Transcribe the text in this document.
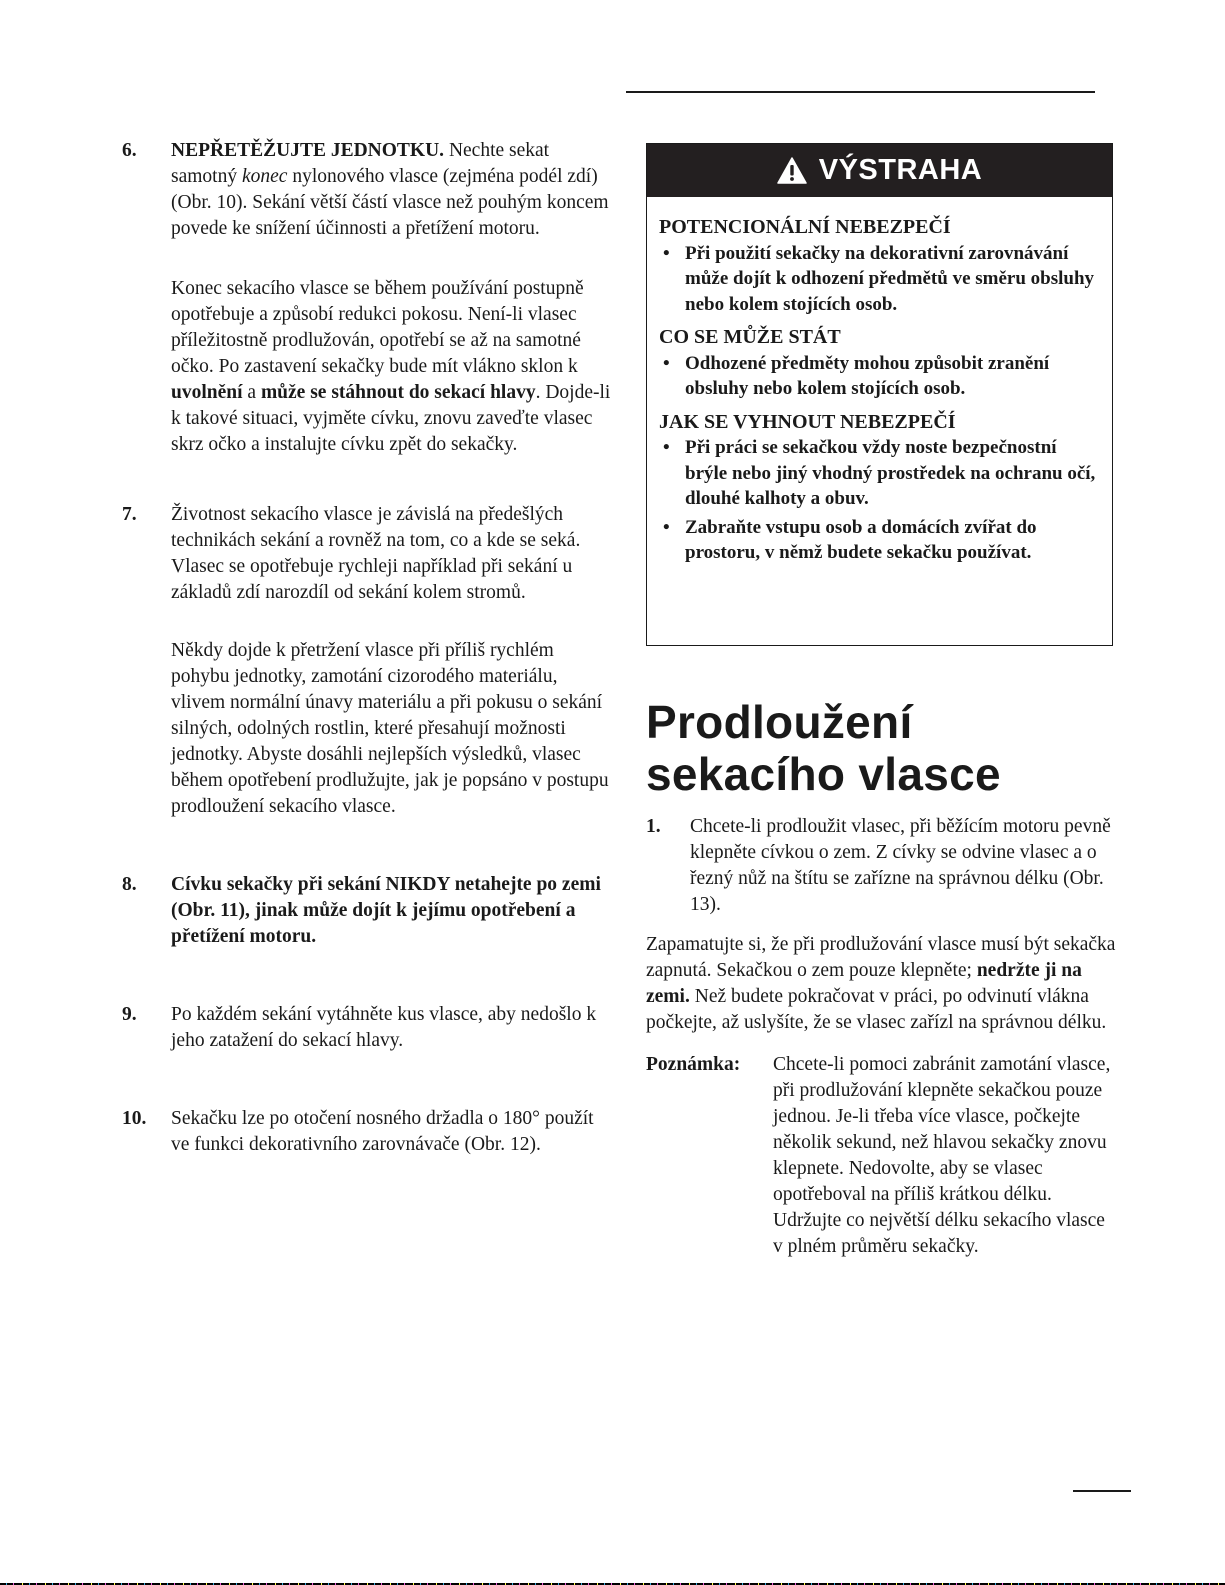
6. NEPŘETĚŽUJTE JEDNOTKU. Nechte sekat samotný konec nylonového vlasce (zejména podél zdí) (Obr. 10). Sekání větší částí vlasce než pouhým koncem povede ke snížení účinnosti a přetížení motoru.

Konec sekacího vlasce se během používání postupně opotřebuje a způsobí redukci pokosu. Není-li vlasec příležitostně prodlužován, opotřebí se až na samotné očko. Po zastavení sekačky bude mít vlákno sklon k uvolnění a může se stáhnout do sekací hlavy. Dojde-li k takové situaci, vyjměte cívku, znovu zaveďte vlasec skrz očko a instalujte cívku zpět do sekačky.

7. Životnost sekacího vlasce je závislá na předešlých technikách sekání a rovněž na tom, co a kde se seká. Vlasec se opotřebuje rychleji například při sekání u základů zdí narozdíl od sekání kolem stromů.

Někdy dojde k přetržení vlasce při příliš rychlém pohybu jednotky, zamotání cizorodého materiálu, vlivem normální únavy materiálu a při pokusu o sekání silných, odolných rostlin, které přesahují možnosti jednotky. Abyste dosáhli nejlepších výsledků, vlasec během opotřebení prodlužujte, jak je popsáno v postupu prodloužení sekacího vlasce.

8. Cívku sekačky při sekání NIKDY netahejte po zemi (Obr. 11), jinak může dojít k jejímu opotřebení a přetížení motoru.

9. Po každém sekání vytáhněte kus vlasce, aby nedošlo k jeho zatažení do sekací hlavy.

10. Sekačku lze po otočení nosného držadla o 180° použít ve funkci dekorativního zarovnávače (Obr. 12).

VÝSTRAHA
POTENCIONÁLNÍ NEBEZPEČÍ
• Při použití sekačky na dekorativní zarovnávání může dojít k odhození předmětů ve směru obsluhy nebo kolem stojících osob.
CO SE MŮŽE STÁT
• Odhozené předměty mohou způsobit zranění obsluhy nebo kolem stojících osob.
JAK SE VYHNOUT NEBEZPEČÍ
• Při práci se sekačkou vždy noste bezpečnostní brýle nebo jiný vhodný prostředek na ochranu očí, dlouhé kalhoty a obuv.
• Zabraňte vstupu osob a domácích zvířat do prostoru, v němž budete sekačku používat.
Prodloužení
sekacího vlasce
1. Chcete-li prodloužit vlasec, při běžícím motoru pevně klepněte cívkou o zem. Z cívky se odvine vlasec a o řezný nůž na štítu se zařízne na správnou délku (Obr. 13).

Zapamatujte si, že při prodlužování vlasce musí být sekačka zapnutá. Sekačkou o zem pouze klepněte; nedržte ji na zemi. Než budete pokračovat v práci, po odvinutí vlákna počkejte, až uslyšíte, že se vlasec zařízl na správnou délku.

Poznámka: Chcete-li pomoci zabránit zamotání vlasce, při prodlužování klepněte sekačkou pouze jednou. Je-li třeba více vlasce, počkejte několik sekund, než hlavou sekačky znovu klepnete. Nedovolte, aby se vlasec opotřeboval na příliš krátkou délku. Udržujte co největší délku sekacího vlasce v plném průměru sekačky.
